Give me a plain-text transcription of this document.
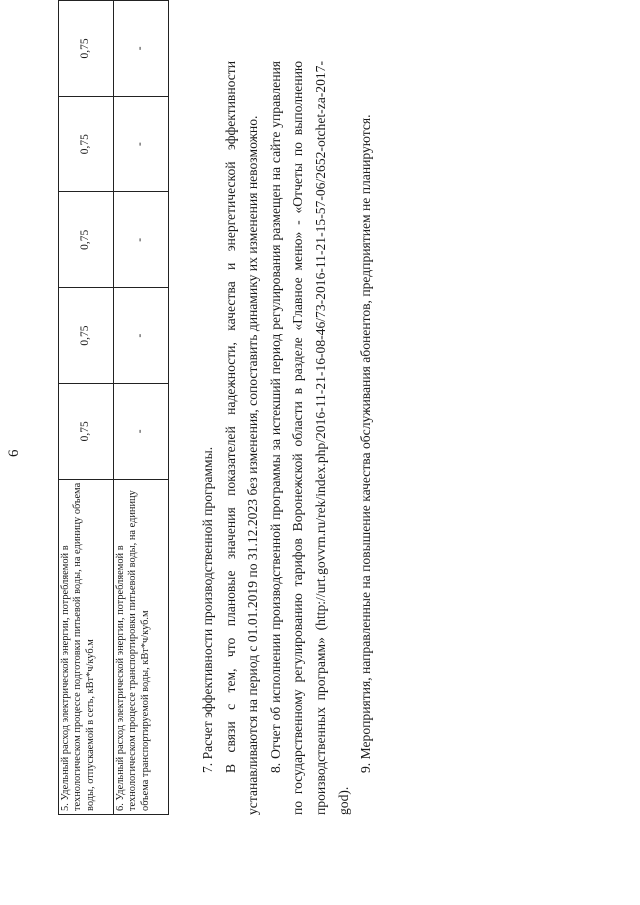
6
5. Удельный расход электрической энергии, потребляемой в технологическом процессе подготовки питьевой воды, на единицу объема воды, отпускаемой в сеть, кВт*ч/куб.м	0,75	0,75	0,75	0,75	0,75
6. Удельный расход электрической энергии, потребляемой в технологическом процессе транспортировки питьевой воды, на единицу объема транспортируемой воды, кВт*ч/куб.м	-	-	-	-	-

7. Расчет эффективности производственной программы. В связи с тем, что плановые значения показателей надежности, качества и энергетической эффективности устанавливаются на период с 01.01.2019 по 31.12.2023 без изменения, сопоставить динамику их изменения невозможно. 8. Отчет об исполнении производственной программы за истекший период регулирования размещен на сайте управления по государственному регулированию тарифов Воронежской области в разделе «Главное меню» - «Отчеты по выполнению производственных программ» (http://urt.govvrn.ru/rek/index.php/2016-11-21-16-08-46/73-2016-11-21-15-57-06/2652-otchet-za-2017-god).

9. Мероприятия, направленные на повышение качества обслуживания абонентов, предприятием не планируются.
